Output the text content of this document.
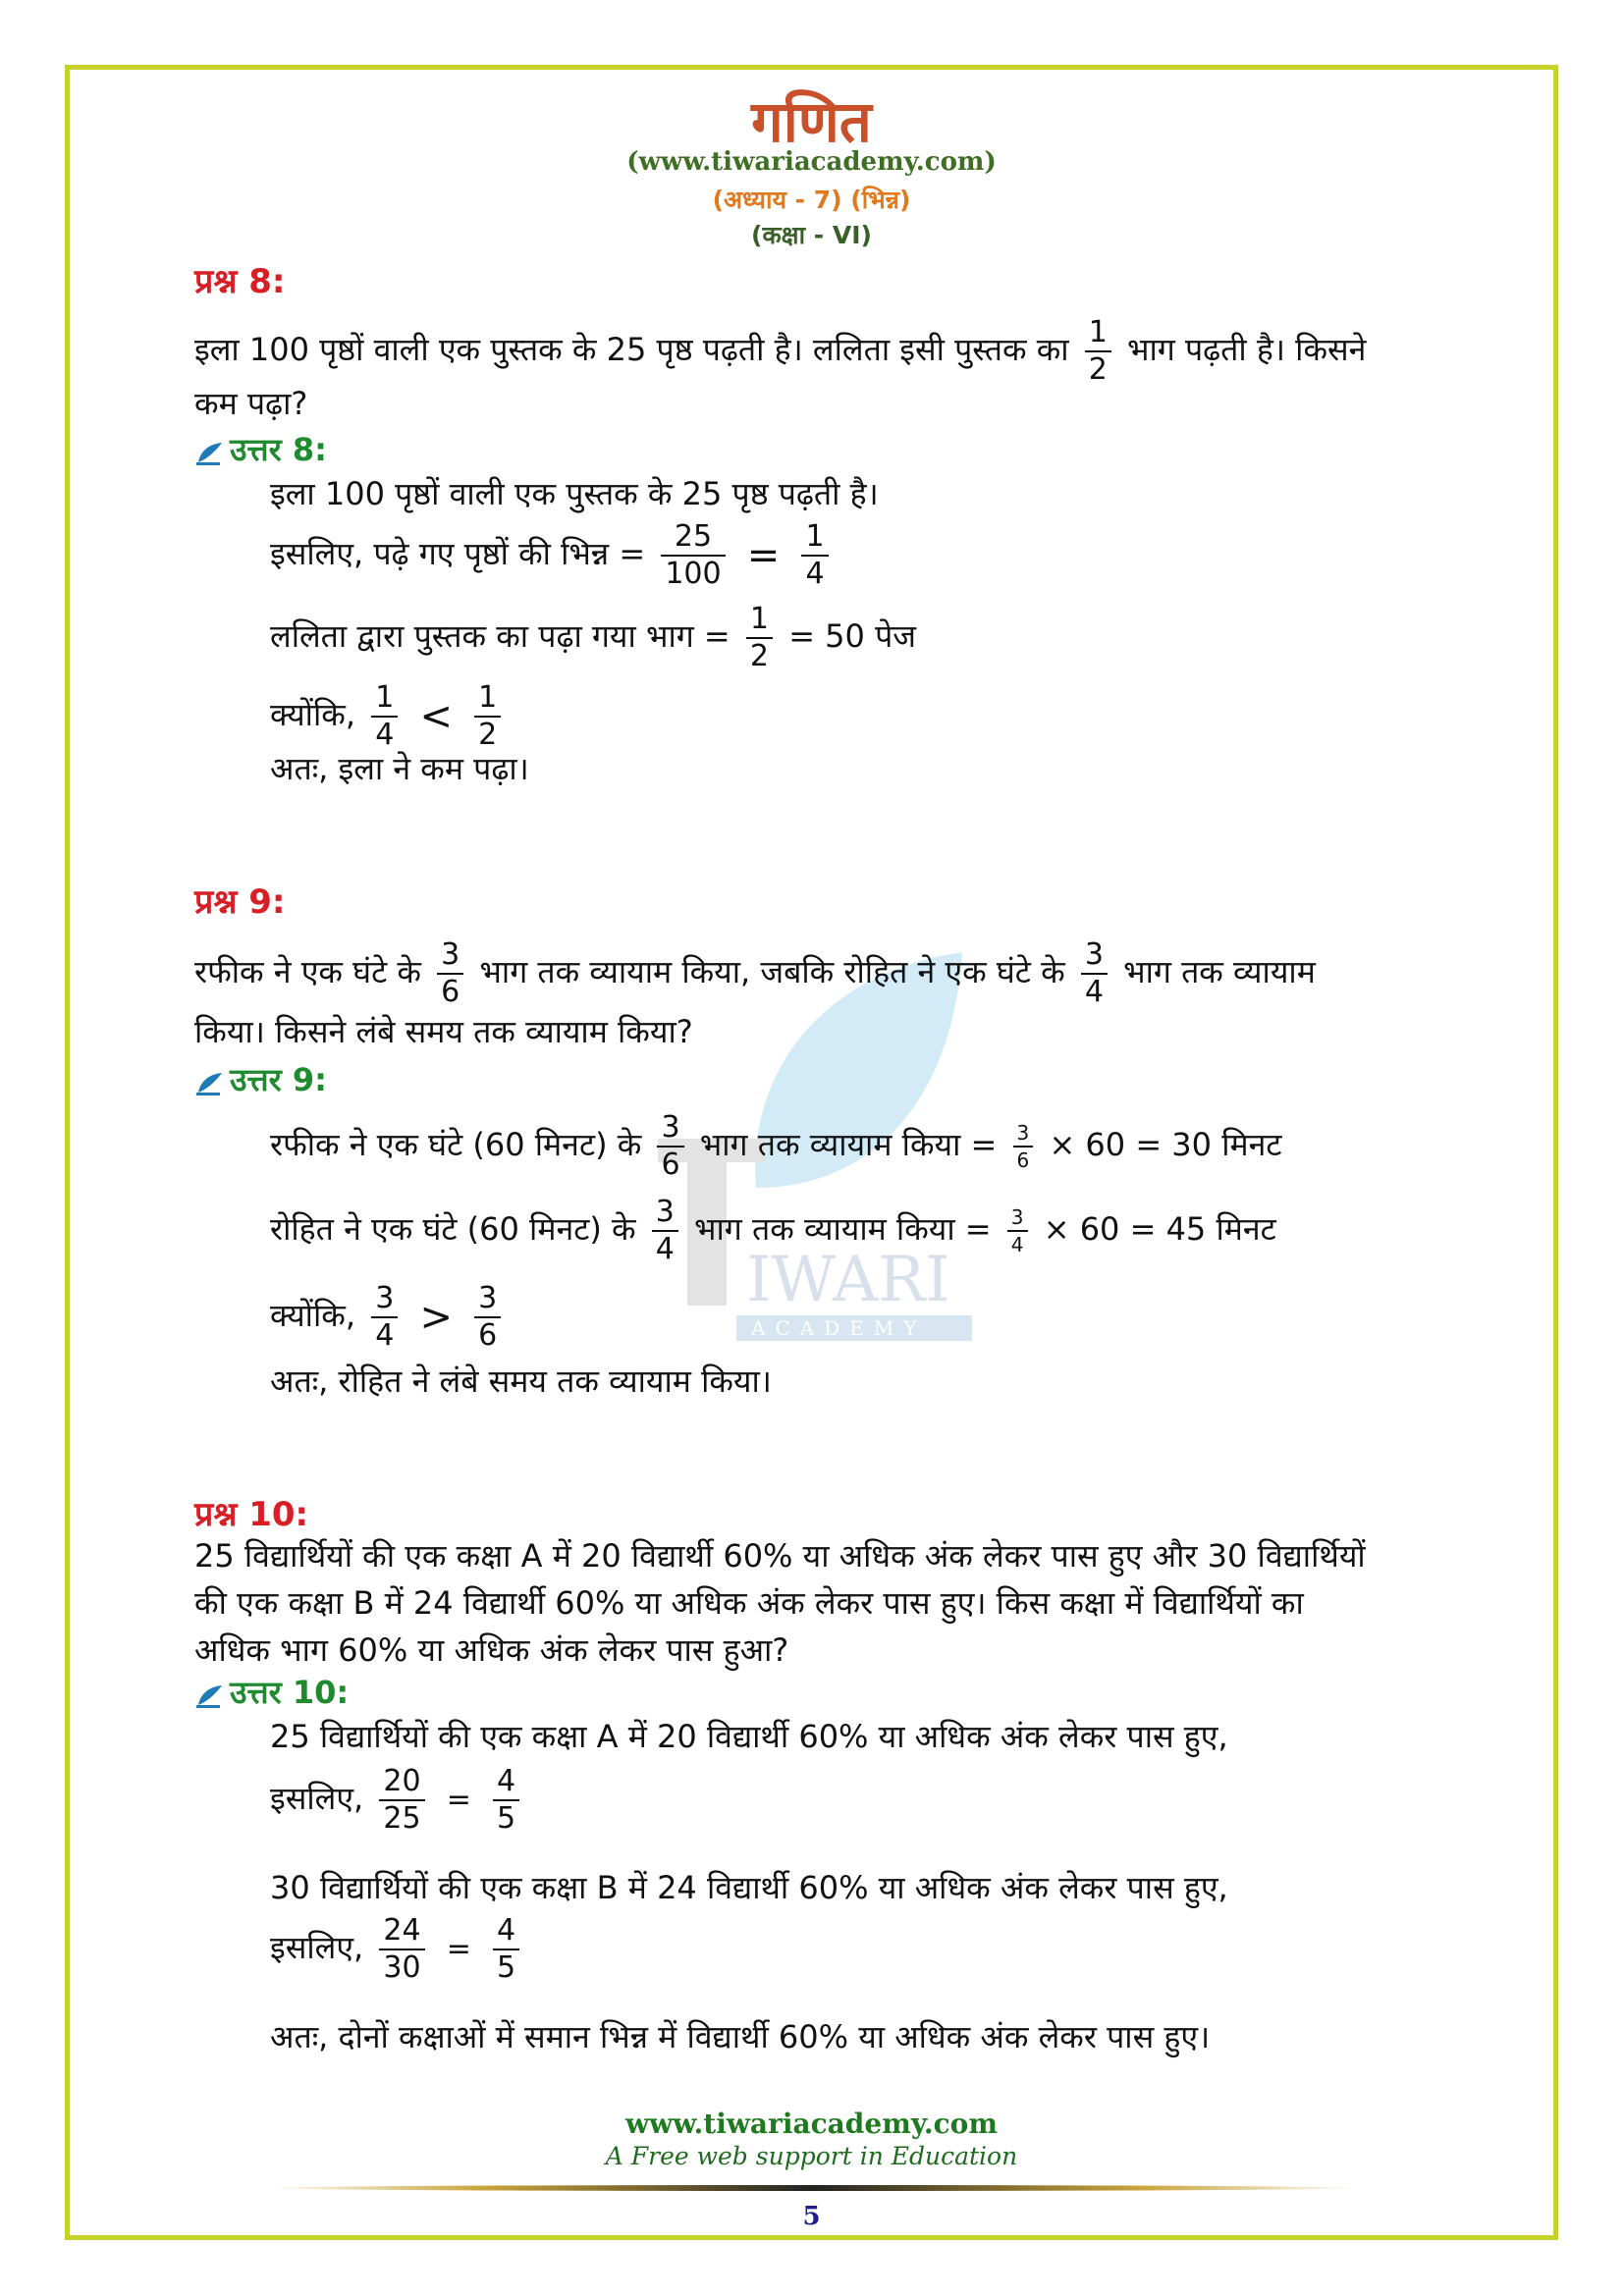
IWARI
ACADEMY
गणित
(www.tiwariacademy.com)
(अध्याय - 7) (भिन्न)
(कक्षा - VI)
प्रश्न 8:
इला 100 पृष्ठों वाली एक पुस्तक के 25 पृष्ठ पढ़ती है। ललिता इसी पुस्तक का $\frac{1}{2}$ भाग पढ़ती है। किसने
कम पढ़ा?
उत्तर 8:
इला 100 पृष्ठों वाली एक पुस्तक के 25 पृष्ठ पढ़ती है।
इसलिए, पढ़े गए पृष्ठों की भिन्न = $\frac{25}{100} = \frac{1}{4}$
ललिता द्वारा पुस्तक का पढ़ा गया भाग = $\frac{1}{2} = 50$ पेज
क्योंकि, $\frac{1}{4} < \frac{1}{2}$
अतः, इला ने कम पढ़ा।
प्रश्न 9:
रफीक ने एक घंटे के $\frac{3}{6}$ भाग तक व्यायाम किया, जबकि रोहित ने एक घंटे के $\frac{3}{4}$ भाग तक व्यायाम
किया। किसने लंबे समय तक व्यायाम किया?
उत्तर 9:
रफीक ने एक घंटे (60 मिनट) के $\frac{3}{6}$ भाग तक व्यायाम किया = $\frac{3}{6} \times 60 = 30$ मिनट
रोहित ने एक घंटे (60 मिनट) के $\frac{3}{4}$ भाग तक व्यायाम किया = $\frac{3}{4} \times 60 = 45$ मिनट
क्योंकि, $\frac{3}{4} > \frac{3}{6}$
अतः, रोहित ने लंबे समय तक व्यायाम किया।
प्रश्न 10:
25 विद्यार्थियों की एक कक्षा A में 20 विद्यार्थी 60% या अधिक अंक लेकर पास हुए और 30 विद्यार्थियों
की एक कक्षा B में 24 विद्यार्थी 60% या अधिक अंक लेकर पास हुए। किस कक्षा में विद्यार्थियों का
अधिक भाग 60% या अधिक अंक लेकर पास हुआ?
उत्तर 10:
25 विद्यार्थियों की एक कक्षा A में 20 विद्यार्थी 60% या अधिक अंक लेकर पास हुए,
इसलिए, $\frac{20}{25} = \frac{4}{5}$
30 विद्यार्थियों की एक कक्षा B में 24 विद्यार्थी 60% या अधिक अंक लेकर पास हुए,
इसलिए, $\frac{24}{30} = \frac{4}{5}$
अतः, दोनों कक्षाओं में समान भिन्न में विद्यार्थी 60% या अधिक अंक लेकर पास हुए।
www.tiwariacademy.com
A Free web support in Education
5
